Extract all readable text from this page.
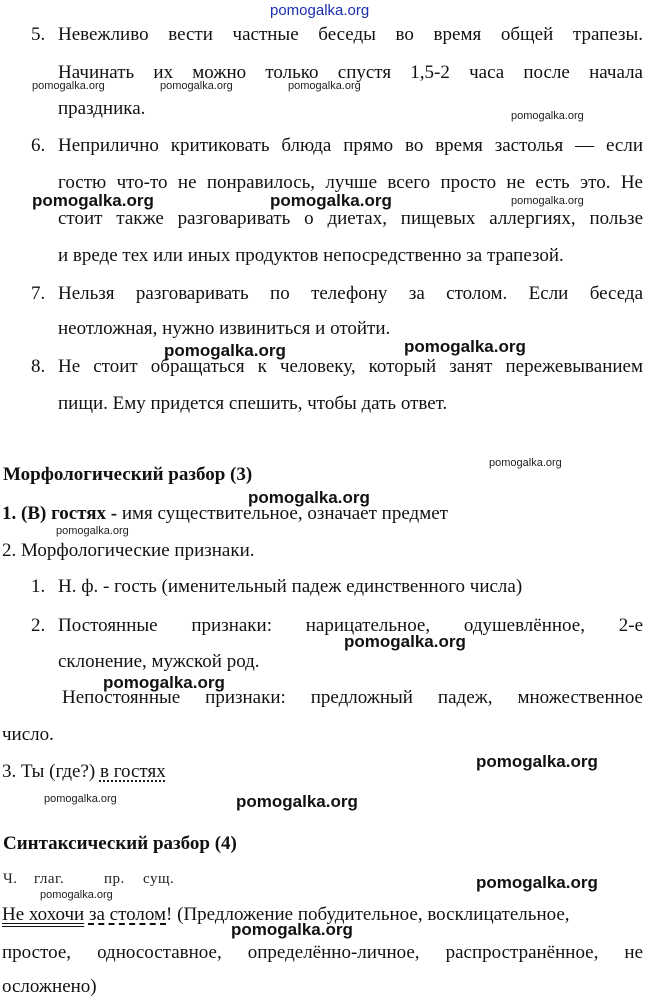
pomogalka.org
5. Невежливо вести частные беседы во время общей трапезы.
Начинать их можно только спустя 1,5-2 часа после начала
праздника.
6. Неприлично критиковать блюда прямо во время застолья — если
гостю что-то не понравилось, лучше всего просто не есть это. Не
стоит также разговаривать о диетах, пищевых аллергиях, пользе
и вреде тех или иных продуктов непосредственно за трапезой.
7. Нельзя разговаривать по телефону за столом. Если беседа
неотложная, нужно извиниться и отойти.
8. Не стоит обращаться к человеку, который занят пережевыванием
пищи. Ему придется спешить, чтобы дать ответ.
Морфологический разбор (3)
1. (В) гостях - имя существительное, означает предмет
2. Морфологические признаки.
1. Н. ф. - гость (именительный падеж единственного числа)
2. Постоянные признаки: нарицательное, одушевлённое, 2-е
склонение, мужской род.
Непостоянные признаки: предложный падеж, множественное
число.
3. Ты (где?) в гостях
Синтаксический разбор (4)
Ч. глаг.	пр. сущ.
Не хохочи за столом! (Предложение побудительное, восклицательное,
простое, односоставное, определённо-личное, распространённое, не
осложнено)
pomogalka.org	pomogalka.org	pomogalka.org
pomogalka.org
pomogalka.org	pomogalka.org	pomogalka.org
pomogalka.org	pomogalka.org
pomogalka.org
pomogalka.org
pomogalka.org
pomogalka.org
pomogalka.org
pomogalka.org
pomogalka.org	pomogalka.org
pomogalka.org
pomogalka.org
pomogalka.org
